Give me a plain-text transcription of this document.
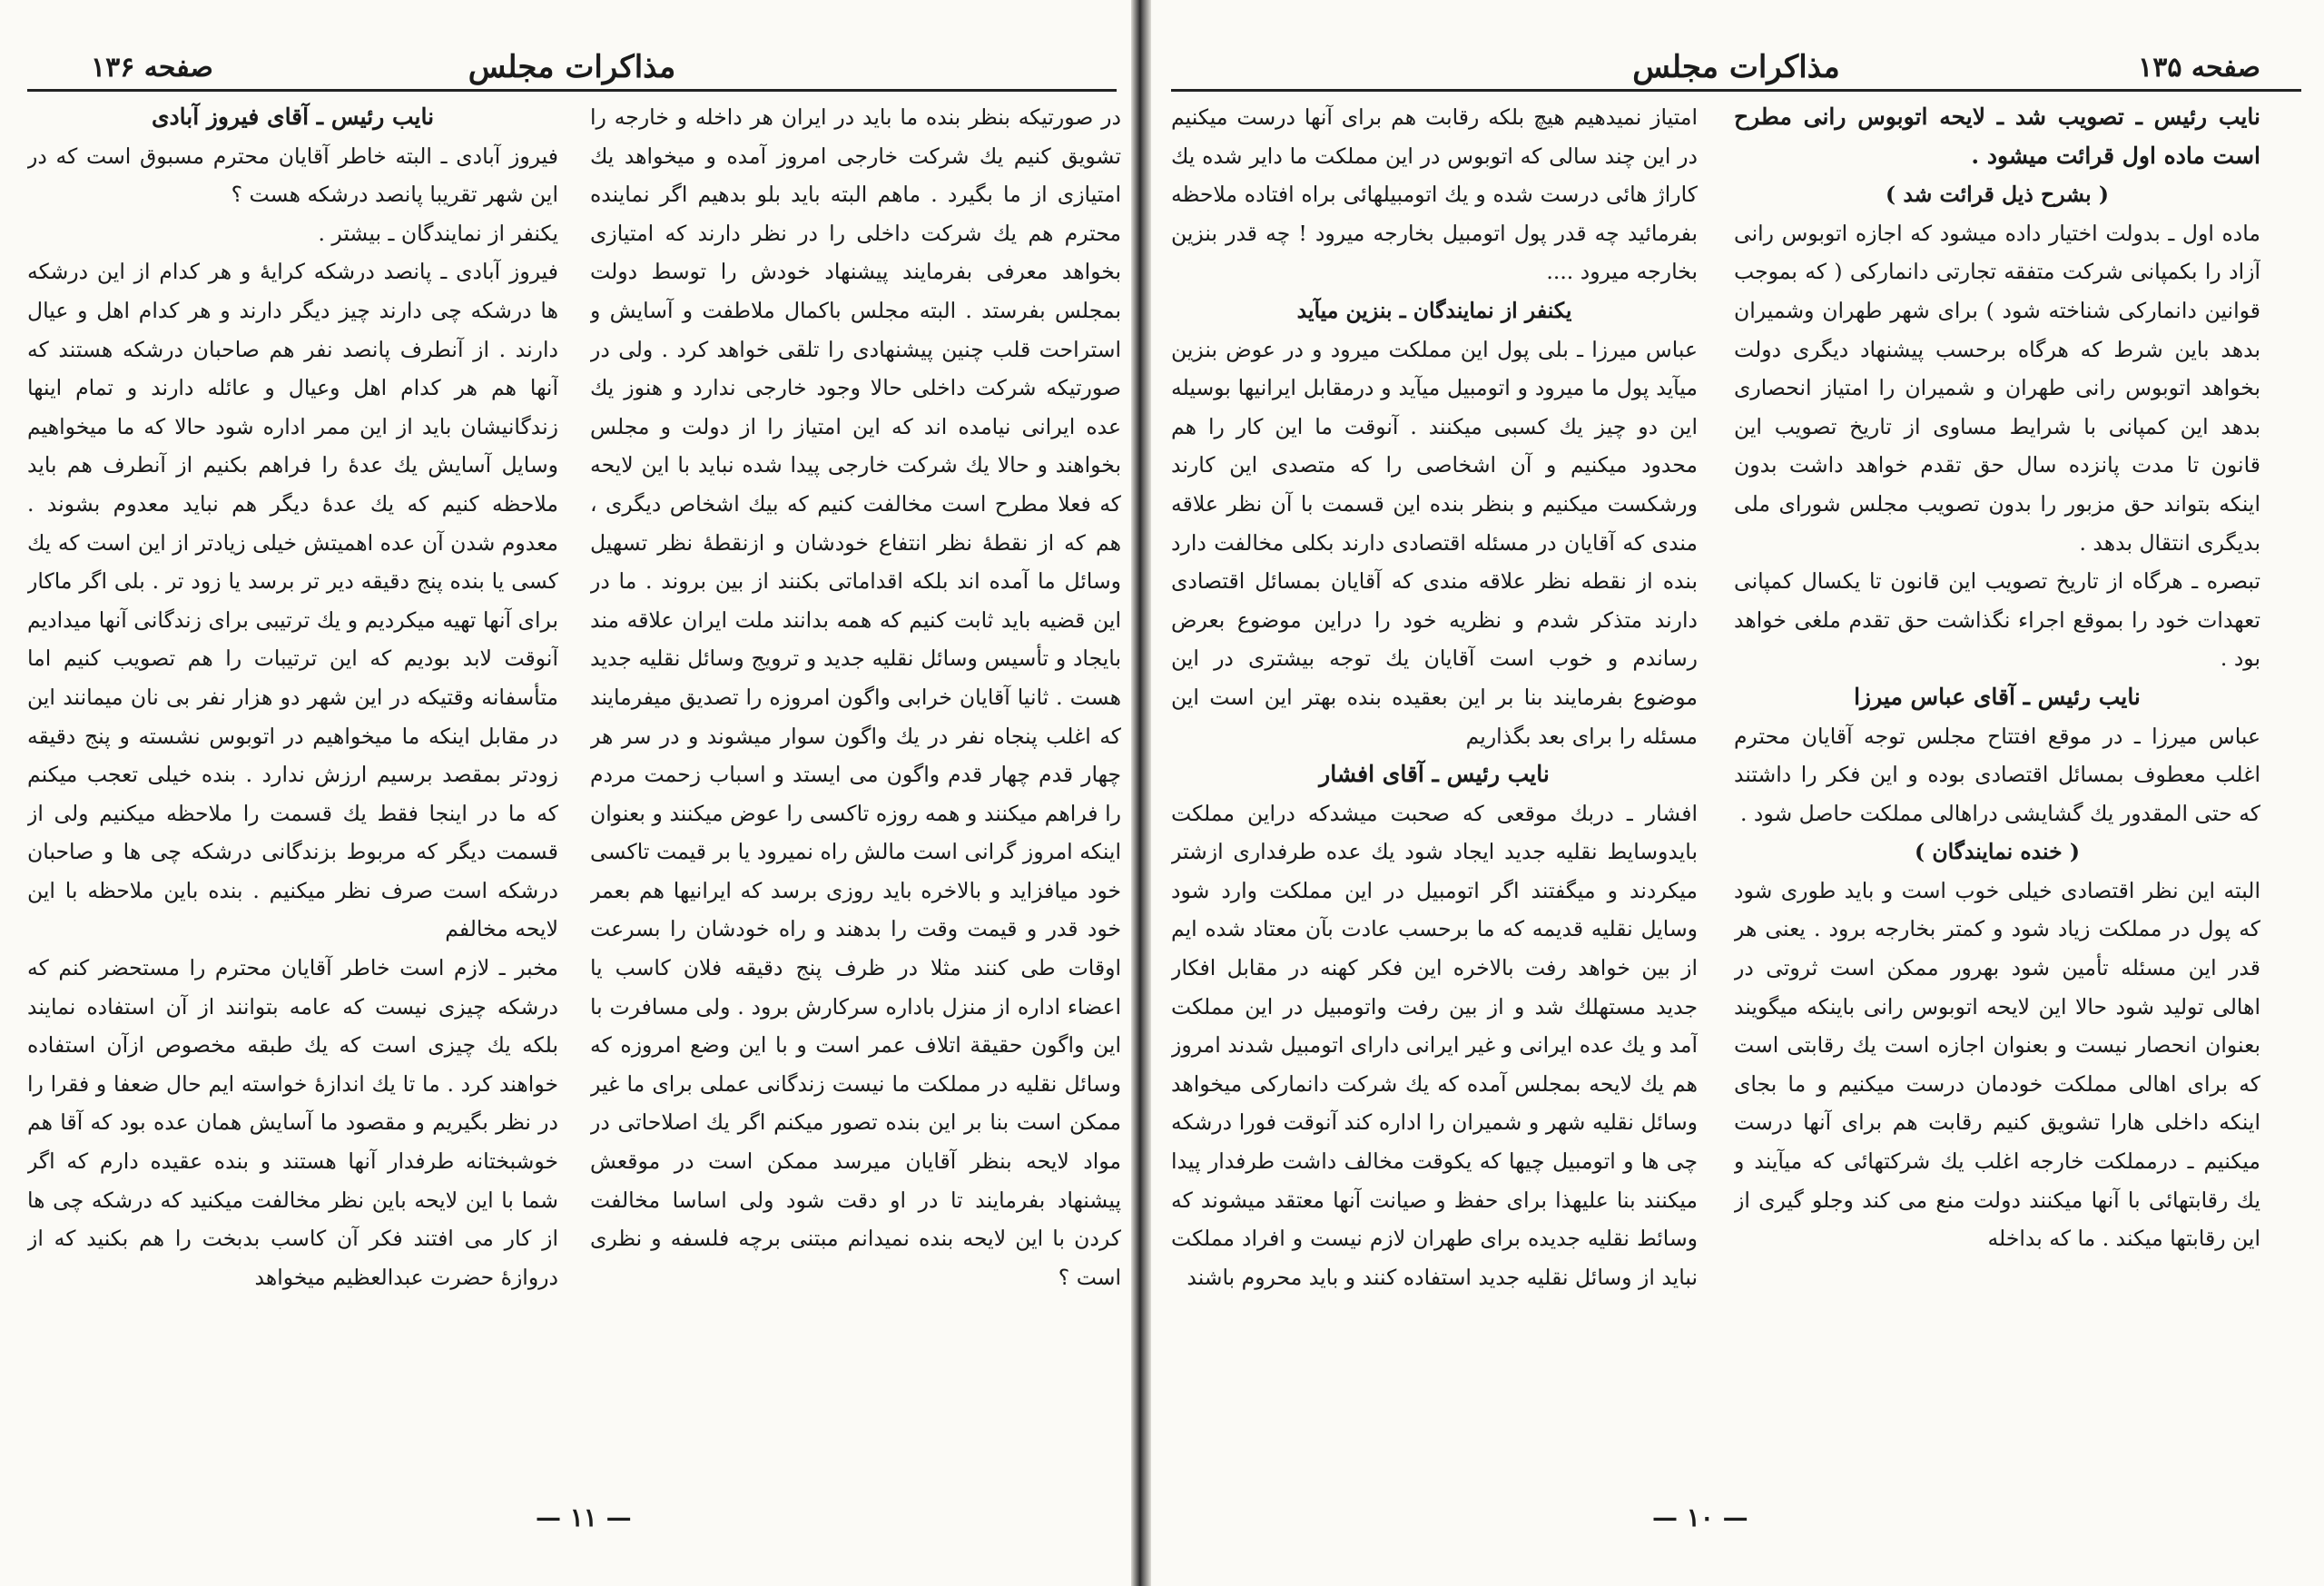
صفحه ۱۳۶	مذاکرات مجلس

نایب رئیس ـ آقای فیروز آبادی

فیروز آبادی ـ البته خاطر آقایان محترم مسبوق است که در این شهر تقریبا پانصد درشکه هست ؟

یکنفر از نمایندگان ـ بیشتر .

فیروز آبادی ـ پانصد درشکه کرایهٔ و هر کدام از این درشکه ها درشکه چی دارند چیز دیگر دارند و هر کدام اهل و عیال دارند . از آنطرف پانصد نفر هم صاحبان درشکه هستند که آنها هم هر کدام اهل وعیال و عائله دارند و تمام اینها زندگانیشان باید از این ممر اداره شود حالا که ما میخواهیم وسایل آسایش یك عدهٔ را فراهم بکنیم از آنطرف هم باید ملاحظه کنیم که یك عدهٔ دیگر هم نباید معدوم بشوند . معدوم شدن آن عده اهمیتش خیلی زیادتر از این است که یك کسی یا بنده پنج دقیقه دیر تر برسد یا زود تر . بلی اگر ماکار برای آنها تهیه میکردیم و یك ترتیبی برای زندگانی آنها میدادیم آنوقت لابد بودیم که این ترتیبات را هم تصویب کنیم اما متأسفانه وقتیکه در این شهر دو هزار نفر بی نان میمانند این در مقابل اینکه ما میخواهیم در اتوبوس نشسته و پنج دقیقه زودتر بمقصد برسیم ارزش ندارد . بنده خیلی تعجب میکنم که ما در اینجا فقط یك قسمت را ملاحظه میکنیم ولی از قسمت دیگر که مربوط بزندگانی درشکه چی ها و صاحبان درشکه است صرف نظر میکنیم . بنده باین ملاحظه با این لایحه مخالفم

مخبر ـ لازم است خاطر آقایان محترم را مستحضر کنم که درشکه چیزی نیست که عامه بتوانند از آن استفاده نمایند بلکه یك چیزی است که یك طبقه مخصوص ازآن استفاده خواهند کرد . ما تا یك اندازهٔ خواسته ایم حال ضعفا و فقرا را در نظر بگیریم و مقصود ما آسایش همان عده بود که آقا هم خوشبختانه طرفدار آنها هستند و بنده عقیده دارم که اگر شما با این لایحه باین نظر مخالفت میکنید که درشکه چی ها از کار می افتند فکر آن کاسب بدبخت را هم بکنید که از دروازهٔ حضرت عبدالعظیم میخواهد

در صورتیکه بنظر بنده ما باید در ایران هر داخله و خارجه را تشویق کنیم یك شرکت خارجی امروز آمده و میخواهد یك امتیازی از ما بگیرد . ماهم البته باید بلو بدهیم اگر نماینده محترم هم یك شرکت داخلی را در نظر دارند که امتیازی بخواهد معرفی بفرمایند پیشنهاد خودش را توسط دولت بمجلس بفرستد . البته مجلس باکمال ملاطفت و آسایش و استراحت قلب چنین پیشنهادی را تلقی خواهد کرد . ولی در صورتیکه شرکت داخلی حالا وجود خارجی ندارد و هنوز یك عده ایرانی نیامده اند که این امتیاز را از دولت و مجلس بخواهند و حالا یك شرکت خارجی پیدا شده نباید با این لایحه که فعلا مطرح است مخالفت کنیم که بیك اشخاص دیگری ، هم که از نقطهٔ نظر انتفاع خودشان و ازنقطهٔ نظر تسهیل وسائل ما آمده اند بلکه اقداماتی بکنند از بین بروند . ما در این قضیه باید ثابت کنیم که همه بدانند ملت ایران علاقه مند بایجاد و تأسیس وسائل نقلیه جدید و ترویج وسائل نقلیه جدید هست . ثانیا آقایان خرابی واگون امروزه را تصدیق میفرمایند که اغلب پنجاه نفر در یك واگون سوار میشوند و در سر هر چهار قدم چهار قدم واگون می ایستد و اسباب زحمت مردم را فراهم میکنند و همه روزه تاکسی را عوض میکنند و بعنوان اینکه امروز گرانی است مالش راه نمیرود یا بر قیمت تاکسی خود میافزاید و بالاخره باید روزی برسد که ایرانیها هم بعمر خود قدر و قیمت وقت را بدهند و راه خودشان را بسرعت اوقات طی کنند مثلا در ظرف پنج دقیقه فلان کاسب یا اعضاء اداره از منزل باداره سرکارش برود . ولی مسافرت با این واگون حقیقة اتلاف عمر است و با این وضع امروزه که وسائل نقلیه در مملکت ما نیست زندگانی عملی برای ما غیر ممکن است بنا بر این بنده تصور میکنم اگر یك اصلاحاتی در مواد لایحه بنظر آقایان میرسد ممکن است در موقعش پیشنهاد بفرمایند تا در او دقت شود ولی اساسا مخالفت کردن با این لایحه بنده نمیدانم مبتنی برچه فلسفه و نظری است ؟

— ۱۱ —
صفحه ۱۳۵
مذاکرات مجلس

امتیاز نمیدهیم هیچ بلکه رقابت هم برای آنها درست میکنیم در این چند سالی که اتوبوس در این مملکت ما دایر شده یك کاراژ هائی درست شده و یك اتومبیلهائی براه افتاده ملاحظه بفرمائید چه قدر پول اتومبیل بخارجه میرود ! چه قدر بنزین بخارجه میرود ....

یکنفر از نمایندگان ـ بنزین میآید

عباس میرزا ـ بلی پول این مملکت میرود و در عوض بنزین میآید پول ما میرود و اتومبیل میآید و درمقابل ایرانیها بوسیله این دو چیز یك کسبی میکنند . آنوقت ما این کار را هم محدود میکنیم و آن اشخاصی را که متصدی این کارند ورشکست میکنیم و بنظر بنده این قسمت با آن نظر علاقه مندی که آقایان در مسئله اقتصادی دارند بکلی مخالفت دارد بنده از نقطه نظر علاقه مندی که آقایان بمسائل اقتصادی دارند متذکر شدم و نظریه خود را دراین موضوع بعرض رساندم و خوب است آقایان یك توجه بیشتری در این موضوع بفرمایند بنا بر این بعقیده بنده بهتر این است این مسئله را برای بعد بگذاریم

نایب رئیس ـ آقای افشار

افشار ـ دربك موقعی که صحبت میشدکه دراین مملکت بایدوسایط نقلیه جدید ایجاد شود یك عده طرفداری ازشتر میکردند و میگفتند اگر اتومبیل در این مملکت وارد شود وسایل نقلیه قدیمه که ما برحسب عادت بآن معتاد شده ایم از بین خواهد رفت بالاخره این فکر کهنه در مقابل افکار جدید مستهلك شد و از بین رفت واتومبیل در این مملکت آمد و یك عده ایرانی و غیر ایرانی دارای اتومبیل شدند امروز هم یك لایحه بمجلس آمده که یك شرکت دانمارکی میخواهد وسائل نقلیه شهر و شمیران را اداره کند آنوقت فورا درشکه چی ها و اتومبیل چیها که یکوقت مخالف داشت طرفدار پیدا میکنند بنا علیهذا برای حفظ و صیانت آنها معتقد میشوند که وسائط نقلیه جدیده برای طهران لازم نیست و افراد مملکت نباید از وسائل نقلیه جدید استفاده کنند و باید محروم باشند

نایب رئیس ـ تصویب شد ـ لایحه اتوبوس رانی مطرح است ماده اول قرائت میشود .

( بشرح ذیل قرائت شد )

ماده اول ـ بدولت اختیار داده میشود که اجازه اتوبوس رانی آزاد را بکمپانی شرکت متفقه تجارتی دانمارکی ( که بموجب قوانین دانمارکی شناخته شود ) برای شهر طهران وشمیران بدهد باین شرط که هرگاه برحسب پیشنهاد دیگری دولت بخواهد اتوبوس رانی طهران و شمیران را امتیاز انحصاری بدهد این کمپانی با شرایط مساوی از تاریخ تصویب این قانون تا مدت پانزده سال حق تقدم خواهد داشت بدون اینکه بتواند حق مزبور را بدون تصویب مجلس شورای ملی بدیگری انتقال بدهد .

تبصره ـ هرگاه از تاریخ تصویب این قانون تا یکسال کمپانی تعهدات خود را بموقع اجراء نگذاشت حق تقدم ملغی خواهد بود .

نایب رئیس ـ آقای عباس میرزا

عباس میرزا ـ در موقع افتتاح مجلس توجه آقایان محترم اغلب معطوف بمسائل اقتصادی بوده و این فکر را داشتند که حتی المقدور یك گشایشی دراهالی مملکت حاصل شود .

( خنده نمایندگان )

البته این نظر اقتصادی خیلی خوب است و باید طوری شود که پول در مملکت زیاد شود و کمتر بخارجه برود . یعنی هر قدر این مسئله تأمین شود بهرور ممکن است ثروتی در اهالی تولید شود حالا این لایحه اتوبوس رانی باینکه میگویند بعنوان انحصار نیست و بعنوان اجازه است یك رقابتی است که برای اهالی مملکت خودمان درست میکنیم و ما بجای اینکه داخلی هارا تشویق کنیم رقابت هم برای آنها درست میکنیم ـ درمملکت خارجه اغلب یك شرکتهائی که میآیند و یك رقابتهائی با آنها میکنند دولت منع می کند وجلو گیری از این رقابتها میکند . ما که بداخله

— ۱۰ —
